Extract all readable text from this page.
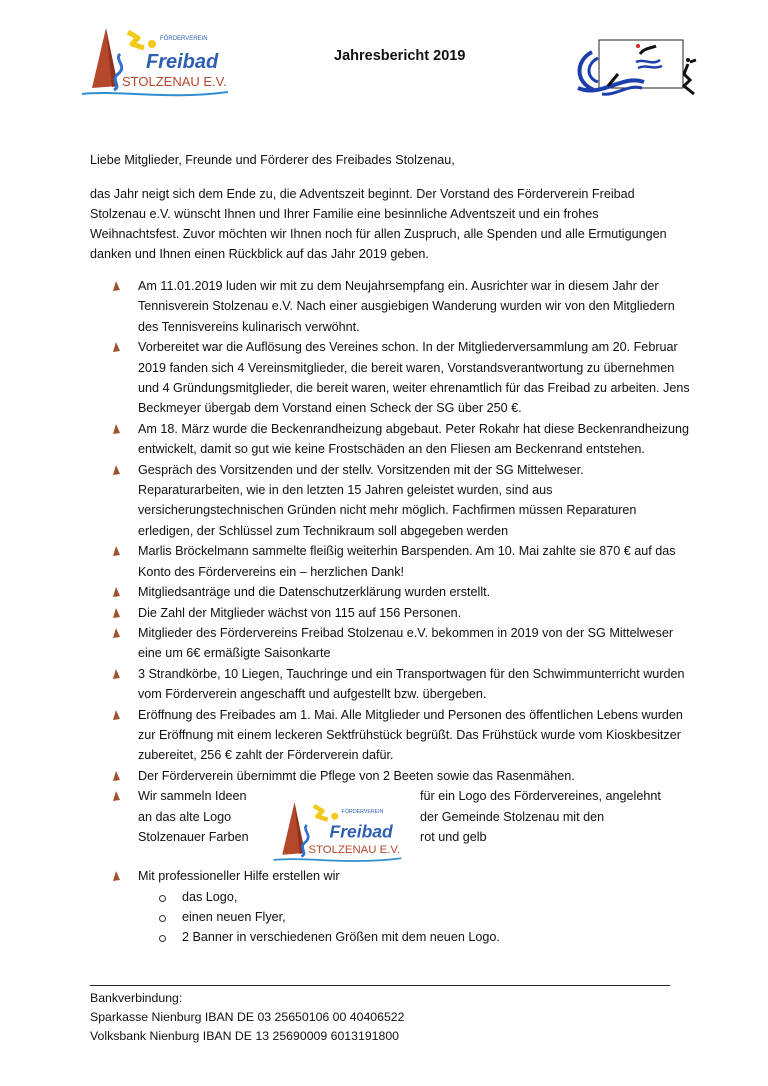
FÖRDERVEREIN
Freibad
STOLZENAU E.V.
Jahresbericht 2019
Liebe Mitglieder, Freunde und Förderer des Freibades Stolzenau,
das Jahr neigt sich dem Ende zu, die Adventszeit beginnt. Der Vorstand des Förderverein Freibad Stolzenau e.V. wünscht Ihnen und Ihrer Familie eine besinnliche Adventszeit und ein frohes Weihnachtsfest. Zuvor möchten wir Ihnen noch für allen Zuspruch, alle Spenden und alle Ermutigungen danken und Ihnen einen Rückblick auf das Jahr 2019 geben.
Am 11.01.2019 luden wir mit zu dem Neujahrsempfang ein. Ausrichter war in diesem Jahr der Tennisverein Stolzenau e.V. Nach einer ausgiebigen Wanderung wurden wir von den Mitgliedern des Tennisvereins kulinarisch verwöhnt.
Vorbereitet war die Auflösung des Vereines schon. In der Mitgliederversammlung am 20. Februar 2019 fanden sich 4 Vereinsmitglieder, die bereit waren, Vorstandsverantwortung zu übernehmen und 4 Gründungsmitglieder, die bereit waren, weiter ehrenamtlich für das Freibad zu arbeiten. Jens Beckmeyer übergab dem Vorstand einen Scheck der SG über 250 €.
Am 18. März wurde die Beckenrandheizung abgebaut. Peter Rokahr hat diese Beckenrandheizung entwickelt, damit so gut wie keine Frostschäden an den Fliesen am Beckenrand entstehen.
Gespräch des Vorsitzenden und der stellv. Vorsitzenden mit der SG Mittelweser. Reparaturarbeiten, wie in den letzten 15 Jahren geleistet wurden, sind aus versicherungstechnischen Gründen nicht mehr möglich. Fachfirmen müssen Reparaturen erledigen, der Schlüssel zum Technikraum soll abgegeben werden
Marlis Bröckelmann sammelte fleißig weiterhin Barspenden. Am 10. Mai zahlte sie 870 € auf das Konto des Fördervereins ein – herzlichen Dank!
Mitgliedsanträge und die Datenschutzerklärung wurden erstellt.
Die Zahl der Mitglieder wächst von 115 auf 156 Personen.
Mitglieder des Fördervereins Freibad Stolzenau e.V. bekommen in 2019 von der SG Mittelweser eine um 6€ ermäßigte Saisonkarte
3 Strandkörbe, 10 Liegen, Tauchringe und ein Transportwagen für den Schwimmunterricht wurden vom Förderverein angeschafft und aufgestellt bzw. übergeben.
Eröffnung des Freibades am 1. Mai. Alle Mitglieder und Personen des öffentlichen Lebens wurden zur Eröffnung mit einem leckeren Sektfrühstück begrüßt. Das Frühstück wurde vom Kioskbesitzer zubereitet, 256 € zahlt der Förderverein dafür.
Der Förderverein übernimmt die Pflege von 2 Beeten sowie das Rasenmähen.
Wir sammeln Ideen
an das alte Logo
Stolzenauer Farben
für ein Logo des Fördervereines, angelehnt
der Gemeinde Stolzenau mit den
rot und gelb
Mit professioneller Hilfe erstellen wir
das Logo,
einen neuen Flyer,
2 Banner in verschiedenen Größen mit dem neuen Logo.
FÖRDERVEREIN
Freibad
STOLZENAU E.V.
Bankverbindung:
Sparkasse Nienburg IBAN DE 03 25650106 00 40406522
Volksbank Nienburg IBAN DE 13 25690009 6013191800
